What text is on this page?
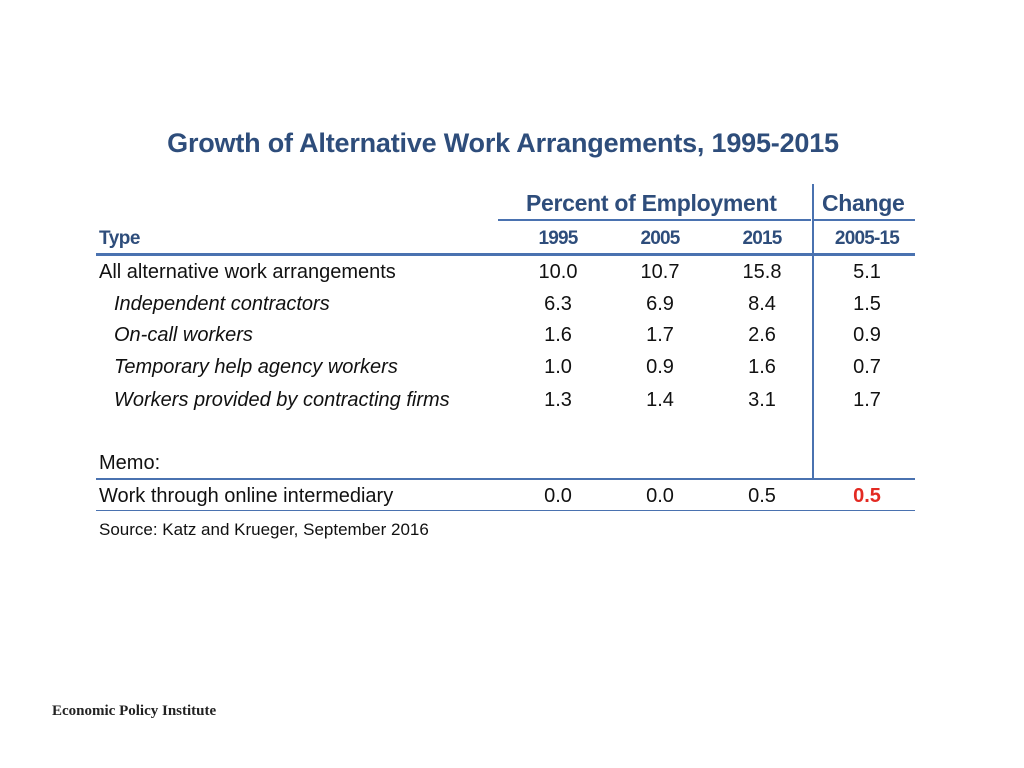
Growth of Alternative Work Arrangements, 1995-2015
Percent of Employment Change
Type	1995	2005	2015	2005-15
All alternative work arrangements	10.0	10.7	15.8	5.1
Independent contractors	6.3	6.9	8.4	1.5
On-call workers	1.6	1.7	2.6	0.9
Temporary help agency workers	1.0	0.9	1.6	0.7
Workers provided by contracting firms	1.3	1.4	3.1	1.7
Memo:
Work through online intermediary	0.0	0.0	0.5	0.5
Source: Katz and Krueger, September 2016
Economic Policy Institute
